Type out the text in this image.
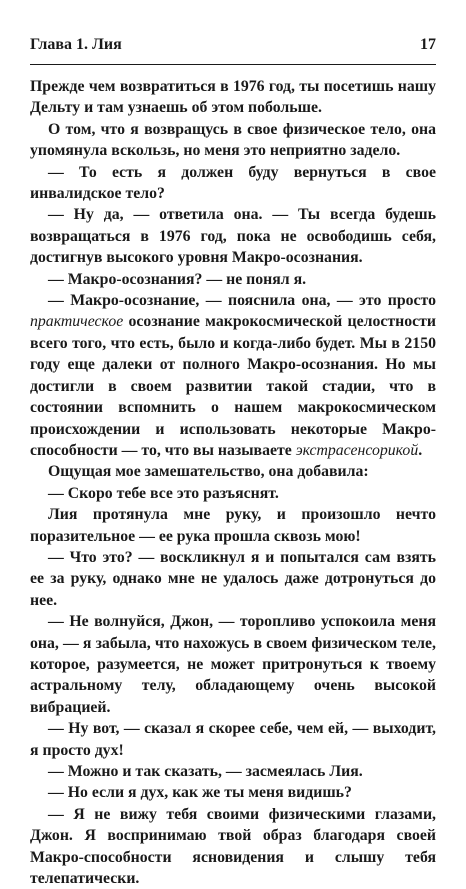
Глава 1. Лия	17

Прежде чем возвратиться в 1976 год, ты посетишь нашу Дельту и там узнаешь об этом побольше.

О том, что я возвращусь в свое физическое тело, она упомянула вскользь, но меня это неприятно задело.

— То есть я должен буду вернуться в свое инвалидское тело?

— Ну да, — ответила она. — Ты всегда будешь возвращаться в 1976 год, пока не освободишь себя, достигнув высокого уровня Макро-осознания.

— Макро-осознания? — не понял я.

— Макро-осознание, — пояснила она, — это просто практическое осознание макрокосмической целостности всего того, что есть, было и когда-либо будет. Мы в 2150 году еще далеки от полного Макро-осознания. Но мы достигли в своем развитии такой стадии, что в состоянии вспомнить о нашем макрокосмическом происхождении и использовать некоторые Макро-способности — то, что вы называете экстрасенсорикой.

Ощущая мое замешательство, она добавила:

— Скоро тебе все это разъяснят.

Лия протянула мне руку, и произошло нечто поразительное — ее рука прошла сквозь мою!

— Что это? — воскликнул я и попытался сам взять ее за руку, однако мне не удалось даже дотронуться до нее.

— Не волнуйся, Джон, — торопливо успокоила меня она, — я забыла, что нахожусь в своем физическом теле, которое, разумеется, не может притронуться к твоему астральному телу, обладающему очень высокой вибрацией.

— Ну вот, — сказал я скорее себе, чем ей, — выходит, я просто дух!

— Можно и так сказать, — засмеялась Лия.

— Но если я дух, как же ты меня видишь?

— Я не вижу тебя своими физическими глазами, Джон. Я воспринимаю твой образ благодаря своей Макро-способности ясновидения и слышу тебя телепатически.
